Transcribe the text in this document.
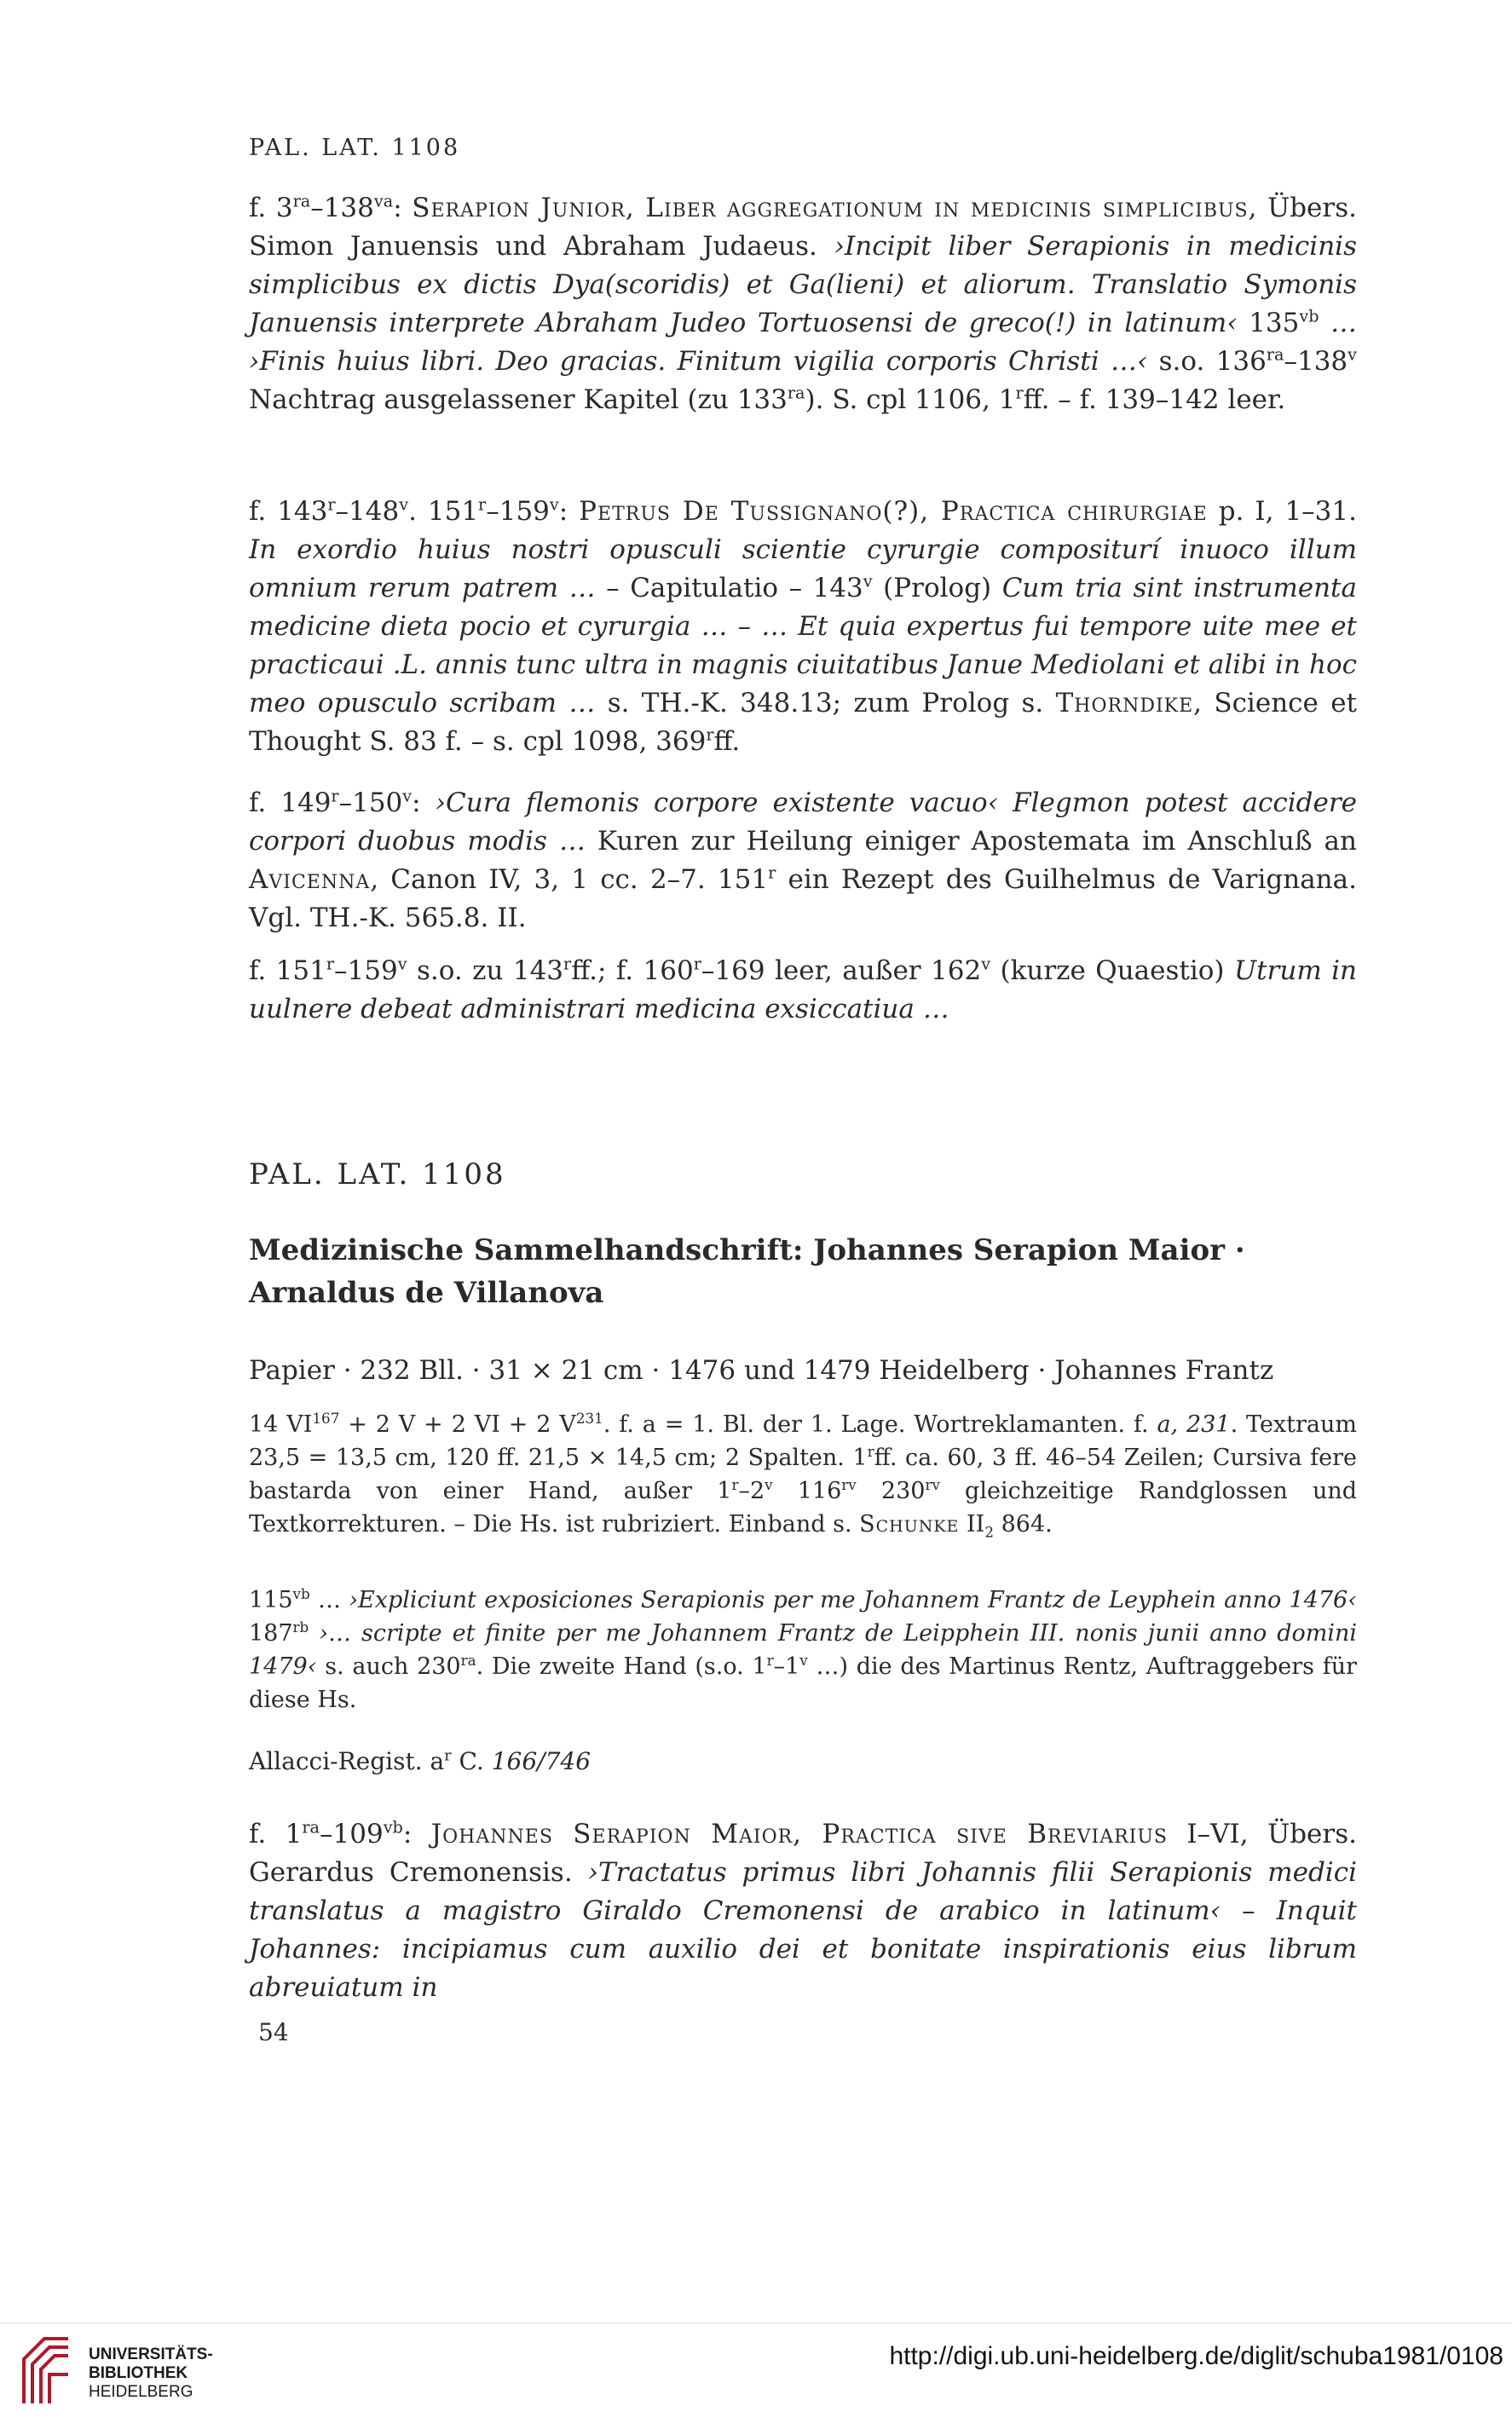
PAL. LAT. 1108

f. $3^{ra}-138^{va}$: Serapion Junior, Liber aggregationum in medicinis simplicibus, Übers. Simon Januensis und Abraham Judaeus. ›Incipit liber Serapionis in medicinis simplicibus ex dictis Dya(scoridis) et Ga(lieni) et aliorum. Translatio Symonis Januensis interprete Abraham Judeo Tortuosensi de greco(!) in latinum‹ $135^{vb}$ … ›Finis huius libri. Deo gracias. Finitum vigilia corporis Christi …‹ s.o. $136^{ra}-138^v$ Nachtrag ausgelassener Kapitel (zu $133^{ra}$). S. cpl 1106, 1$^r$ff. – f. 139–142 leer.

f. 143$^r$–148$^v$. 151$^r$–159$^v$: Petrus De Tussignano(?), Practica chirurgiae p. I, 1–31. In exordio huius nostri opusculi scientie cyrurgie compositurí inuoco illum omnium rerum patrem … – Capitulatio – 143$^v$ (Prolog) Cum tria sint instrumenta medicine dieta pocio et cyrurgia … – … Et quia expertus fui tempore uite mee et practicaui .L. annis tunc ultra in magnis ciuitatibus Janue Mediolani et alibi in hoc meo opusculo scribam … s. TH.-K. 348.13; zum Prolog s. Thorndike, Science et Thought S. 83 f. – s. cpl 1098, 369$^r$ff.

f. 149$^r$–150$^v$: ›Cura flemonis corpore existente vacuo‹ Flegmon potest accidere corpori duobus modis … Kuren zur Heilung einiger Apostemata im Anschluß an Avicenna, Canon IV, 3, 1 cc. 2–7. 151$^r$ ein Rezept des Guilhelmus de Varignana. Vgl. TH.-K. 565.8. II.

f. 151$^r$–159$^v$ s.o. zu 143$^r$ff.; f. 160$^r$–169 leer, außer 162$^v$ (kurze Quaestio) Utrum in uulnere debeat administrari medicina exsiccatiua …

PAL. LAT. 1108

Medizinische Sammelhandschrift: Johannes Serapion Maior · Arnaldus de Villanova

Papier · 232 Bll. · 31 × 21 cm · 1476 und 1479 Heidelberg · Johannes Frantz

14 $VI^{167} + 2$ V + 2 VI + 2 $V^{231}$. f. a = 1. Bl. der 1. Lage. Wortreklamanten. f. a, 231. Textraum 23,5 = 13,5 cm, 120 ff. 21,5 × 14,5 cm; 2 Spalten. 1$^r$ff. ca. 60, 3 ff. 46–54 Zeilen; Cursiva fere bastarda von einer Hand, außer 1$^r$–2$^v$ $116^{rv}$ $230^{rv}$ gleichzeitige Randglossen und Textkorrekturen. – Die Hs. ist rubriziert. Einband s. Schunke $II_2$ 864.

$115^{vb}$ … ›Expliciunt exposiciones Serapionis per me Johannem Frantz de Leyphein anno 1476‹ $187^{rb}$ ›… scripte et finite per me Johannem Frantz de Leipphein III. nonis junii anno domini 1479‹ s. auch $230^{ra}$. Die zweite Hand (s.o. 1$^r$–1$^v$ …) die des Martinus Rentz, Auftraggebers für diese Hs.

Allacci-Regist. $a^r$ C. 166/746

f. $1^{ra}-109^{vb}$: Johannes Serapion Maior, Practica sive Breviarius I–VI, Übers. Gerardus Cremonensis. ›Tractatus primus libri Johannis filii Serapionis medici translatus a magistro Giraldo Cremonensi de arabico in latinum‹ – Inquit Johannes: incipiamus cum auxilio dei et bonitate inspirationis eius librum abreuiatum in

54
UNIVERSITÄTS-
BIBLIOTHEK
HEIDELBERG
http://digi.ub.uni-heidelberg.de/diglit/schuba1981/0108
